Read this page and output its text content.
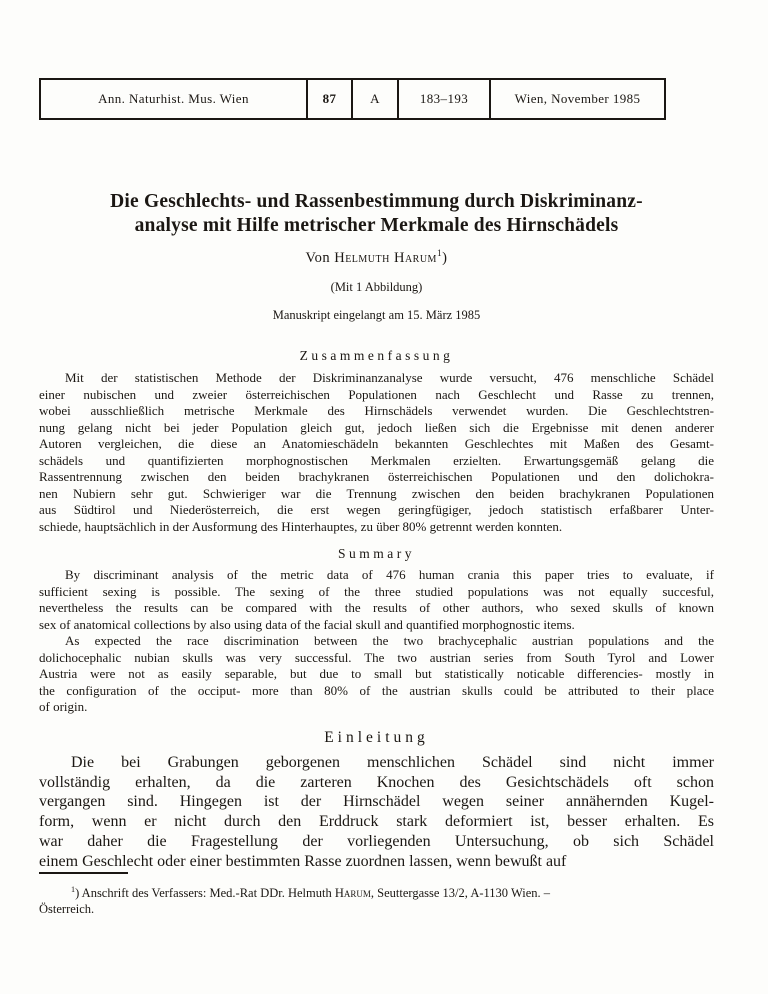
Ann. Naturhist. Mus. Wien	87	A	183–193	Wien, November 1985
Die Geschlechts- und Rassenbestimmung durch Diskriminanz-
analyse mit Hilfe metrischer Merkmale des Hirnschädels
Von Helmuth Harum$^1$)
(Mit 1 Abbildung)
Manuskript eingelangt am 15. März 1985
Zusammenfassung
Mit der statistischen Methode der Diskriminanzanalyse wurde versucht, 476 menschliche Schädel
einer nubischen und zweier österreichischen Populationen nach Geschlecht und Rasse zu trennen,
wobei ausschließlich metrische Merkmale des Hirnschädels verwendet wurden. Die Geschlechtstren-
nung gelang nicht bei jeder Population gleich gut, jedoch ließen sich die Ergebnisse mit denen anderer
Autoren vergleichen, die diese an Anatomieschädeln bekannten Geschlechtes mit Maßen des Gesamt-
schädels und quantifizierten morphognostischen Merkmalen erzielten. Erwartungsgemäß gelang die
Rassentrennung zwischen den beiden brachykranen österreichischen Populationen und den dolichokra-
nen Nubiern sehr gut. Schwieriger war die Trennung zwischen den beiden brachykranen Populationen
aus Südtirol und Niederösterreich, die erst wegen geringfügiger, jedoch statistisch erfaßbarer Unter-
schiede, hauptsächlich in der Ausformung des Hinterhauptes, zu über 80% getrennt werden konnten.
Summary
By discriminant analysis of the metric data of 476 human crania this paper tries to evaluate, if
sufficient sexing is possible. The sexing of the three studied populations was not equally succesful,
nevertheless the results can be compared with the results of other authors, who sexed skulls of known
sex of anatomical collections by also using data of the facial skull and quantified morphognostic items.
As expected the race discrimination between the two brachycephalic austrian populations and the
dolichocephalic nubian skulls was very successful. The two austrian series from South Tyrol and Lower
Austria were not as easily separable, but due to small but statistically noticable differencies- mostly in
the configuration of the occiput- more than 80% of the austrian skulls could be attributed to their place
of origin.
Einleitung
Die bei Grabungen geborgenen menschlichen Schädel sind nicht immer
vollständig erhalten, da die zarteren Knochen des Gesichtschädels oft schon
vergangen sind. Hingegen ist der Hirnschädel wegen seiner annähernden Kugel-
form, wenn er nicht durch den Erddruck stark deformiert ist, besser erhalten. Es
war daher die Fragestellung der vorliegenden Untersuchung, ob sich Schädel
einem Geschlecht oder einer bestimmten Rasse zuordnen lassen, wenn bewußt auf
$^1$) Anschrift des Verfassers: Med.-Rat DDr. Helmuth Harum, Seuttergasse 13/2, A-1130 Wien. –
Österreich.
